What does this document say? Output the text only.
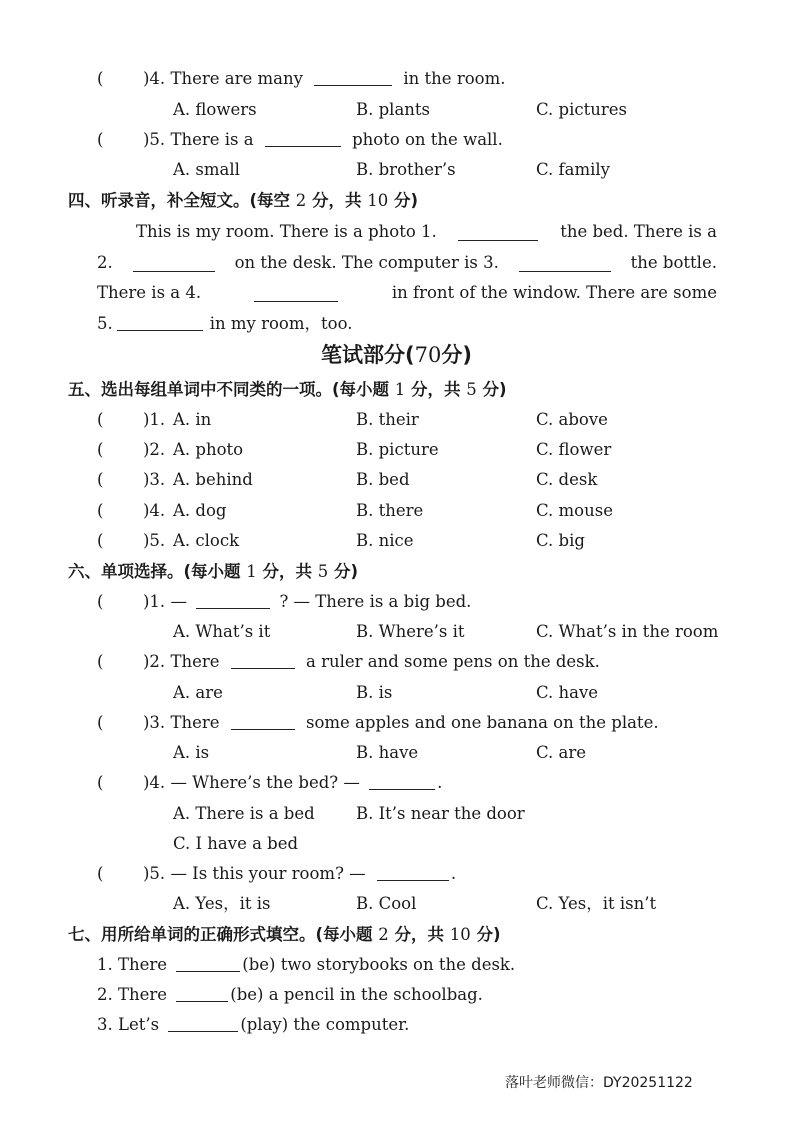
( )4. There are many	in the room.
A. flowers	B. plants	C. pictures
( )5. There is a	photo on the wall.
A. small	B. brother’s	C. family
四、听录音，补全短文。(每空 2 分，共 10 分)
This is my room. There is a photo 1.	the bed. There is a
2.	on the desk. The computer is 3.	the bottle.
There is a 4.	in front of the window. There are some
5.	in my room，too.
笔试部分(70分)
五、选出每组单词中不同类的一项。(每小题 1 分，共 5 分)
( )1. A. in	B. their	C. above
( )2. A. photo	B. picture	C. flower
( )3. A. behind	B. bed	C. desk
( )4. A. dog	B. there	C. mouse
( )5. A. clock	B. nice	C. big
六、单项选择。(每小题 1 分，共 5 分)
( )1. —	? — There is a big bed.
A. What’s it	B. Where’s it	C. What’s in the room
( )2. There	a ruler and some pens on the desk.
A. are	B. is	C. have
( )3. There	some apples and one banana on the plate.
A. is	B. have	C. are
( )4. — Where’s the bed? —	.
A. There is a bed	B. It’s near the door
C. I have a bed
( )5. — Is this your room? —	.
A. Yes，it is	B. Cool	C. Yes，it isn’t
七、用所给单词的正确形式填空。(每小题 2 分，共 10 分)
1. There	(be) two storybooks on the desk.
2. There	(be) a pencil in the schoolbag.
3. Let’s	(play) the computer.
落叶老师微信：DY20251122
